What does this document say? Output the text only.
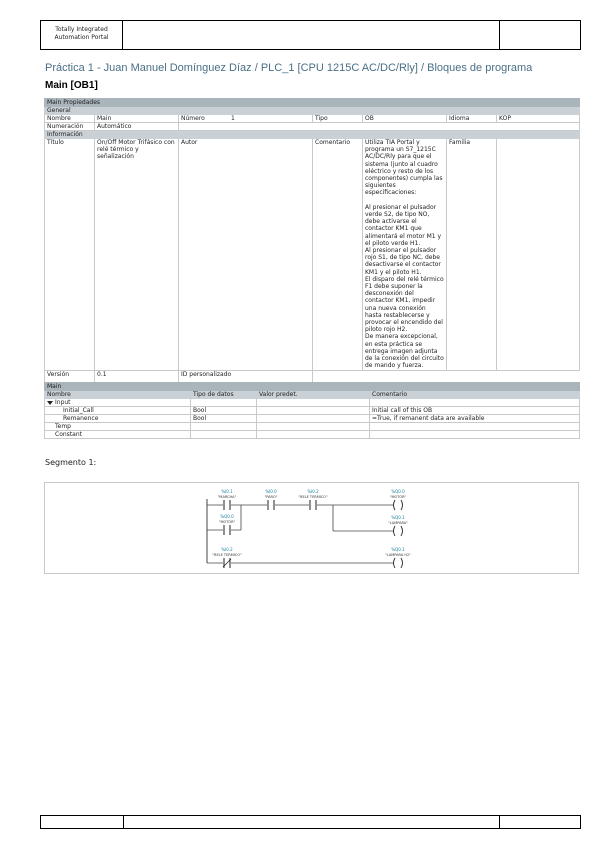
Totally Integrated
Automation Portal
Práctica 1 - Juan Manuel Domínguez Díaz / PLC_1 [CPU 1215C AC/DC/Rly] / Bloques de programa
Main [OB1]
Main Propiedades						
General						
Nombre	Main	Número 1	Tipo	OB	Idioma	KOP
Numeración	Automático					
Información						
Título	On/Off Motor Trifásico con relé térmico y señalización	Autor	Comentario	Utiliza TIA Portal y programa un S7_1215C AC/DC/Rly para que el sistema (junto al cuadro eléctrico y resto de los componentes) cumpla las siguientes especificaciones:

Al presionar el pulsador verde S2, de tipo NO, debe activarse el contactor KM1 que alimentará el motor M1 y el piloto verde H1.
Al presionar el pulsador rojo S1, de tipo NC, debe desactivarse el contactor KM1 y el piloto H1.
El disparo del relé térmico F1 debe suponer la desconexión del contactor KM1, impedir una nueva conexión hasta restablecerse y provocar el encendido del piloto rojo H2.
De manera excepcional, en esta práctica se entrega imagen adjunta de la conexión del circuito de mando y fuerza.	Familia	
Versión	0.1	ID personalizado				
Main			
Nombre	Tipo de datos	Valor predet.	Comentario
Input			
Initial_Call	Bool		Initial call of this OB
Remanence	Bool		=True, if remanent data are available
Temp			
Constant			
Segmento 1:
%I0.1
"MARCHA"
%I0.0
"PARO"
%I0.2
"RELE TERMICO"
%Q0.0
"MOTOR"
%I0.2
"RELE TERMICO"
%Q0.0
"MOTOR"
%Q0.1
"LAMPARA"
%Q0.1
"LAMPARA H2"
